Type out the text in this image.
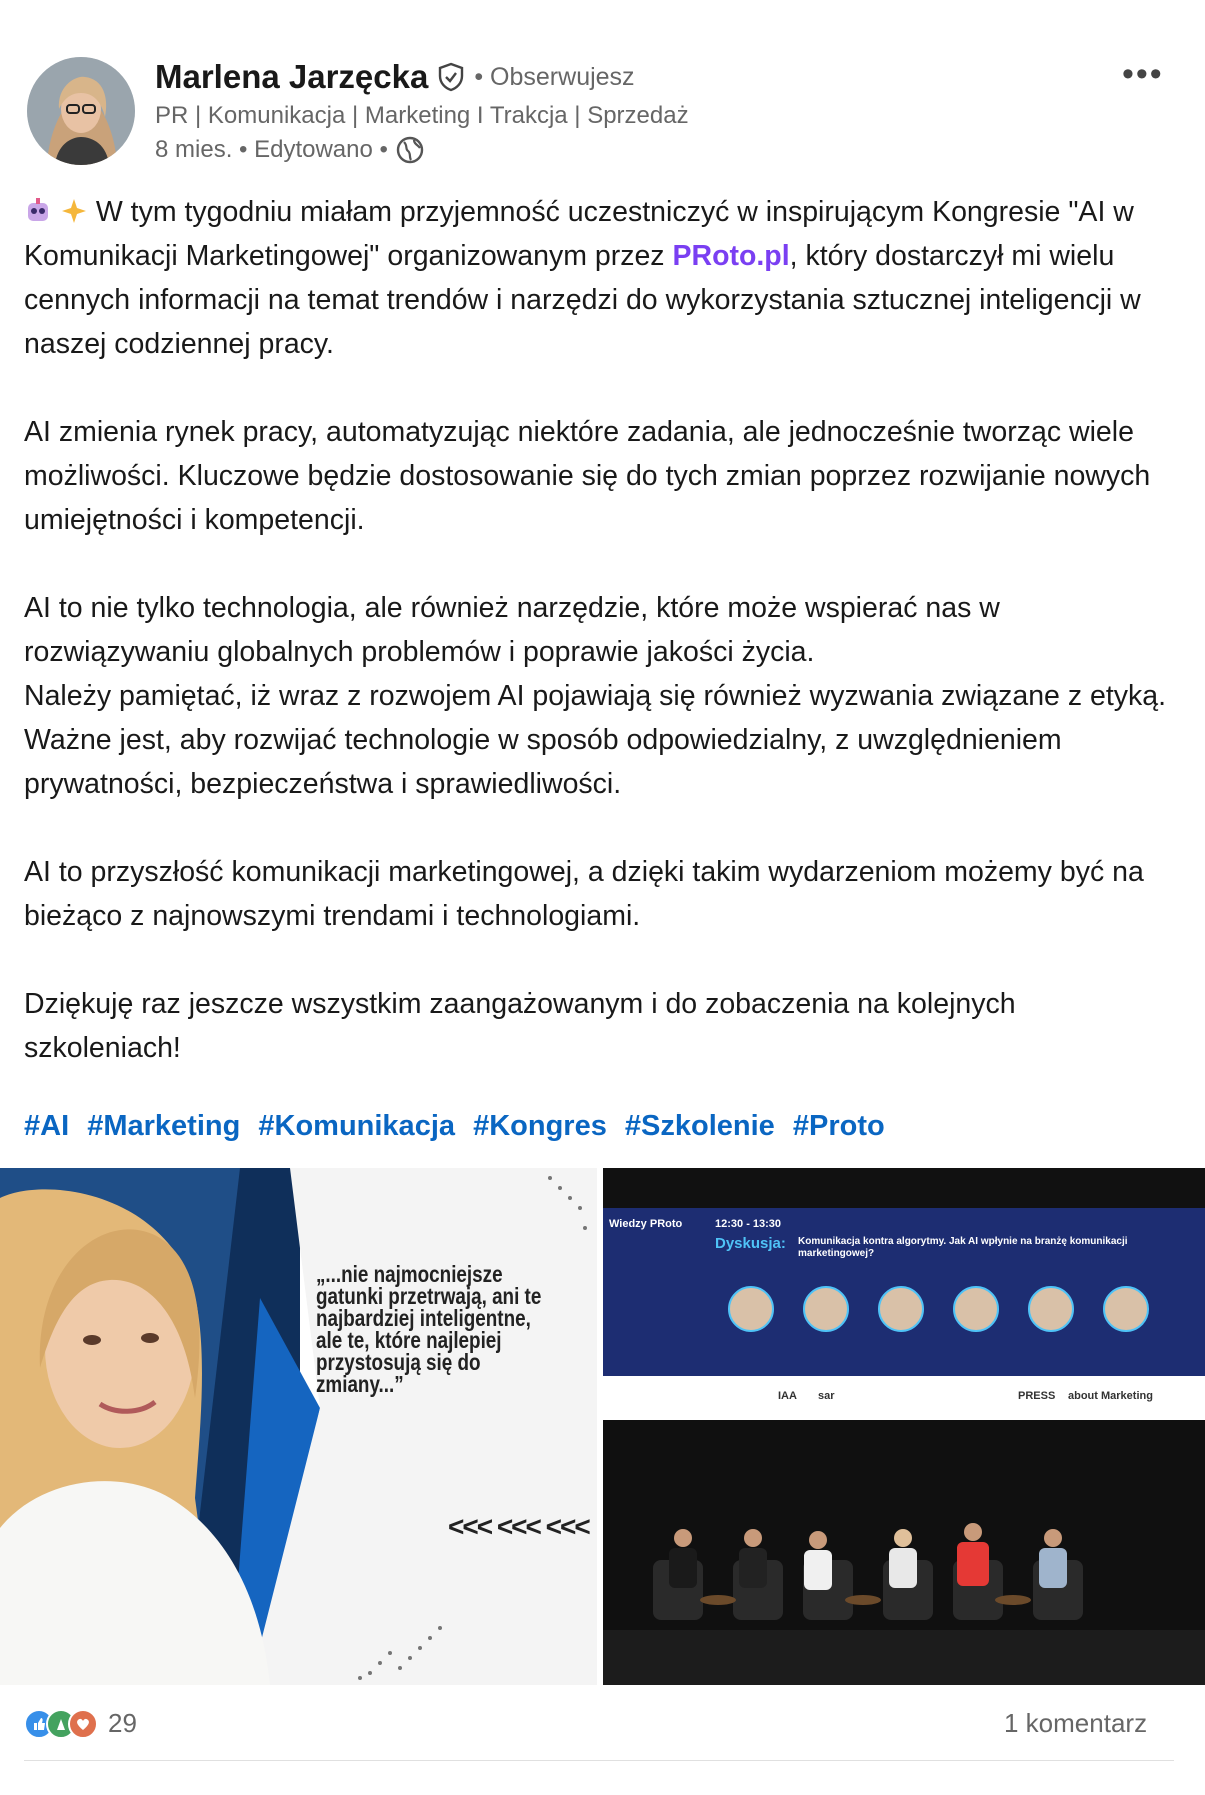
Marlena Jarzęcka • Obserwujesz
PR | Komunikacja | Marketing I Trakcja | Sprzedaż
8 mies. • Edytowano •
•••

W tym tygodniu miałam przyjemność uczestniczyć w inspirującym Kongresie "AI w Komunikacji Marketingowej" organizowanym przez PRoto.pl, który dostarczył mi wielu cennych informacji na temat trendów i narzędzi do wykorzystania sztucznej inteligencji w naszej codziennej pracy.

AI zmienia rynek pracy, automatyzując niektóre zadania, ale jednocześnie tworząc wiele możliwości. Kluczowe będzie dostosowanie się do tych zmian poprzez rozwijanie nowych umiejętności i kompetencji.

AI to nie tylko technologia, ale również narzędzie, które może wspierać nas w rozwiązywaniu globalnych problemów i poprawie jakości życia.
Należy pamiętać, iż wraz z rozwojem AI pojawiają się również wyzwania związane z etyką. Ważne jest, aby rozwijać technologie w sposób odpowiedzialny, z uwzględnieniem prywatności, bezpieczeństwa i sprawiedliwości.

AI to przyszłość komunikacji marketingowej, a dzięki takim wydarzeniom możemy być na bieżąco z najnowszymi trendami i technologiami.

Dziękuję raz jeszcze wszystkim zaangażowanym i do zobaczenia na kolejnych szkoleniach!

#AI #Marketing #Komunikacja #Kongres #Szkolenie #Proto
„...nie najmocniejsze gatunki przetrwają, ani te najbardziej inteligentne, ale te, które najlepiej przystosują się do zmiany...”
<<< <<< <<<
Wiedzy PRoto	12:30 - 13:30
Dyskusja: Komunikacja kontra algorytmy. Jak AI wpłynie na branżę komunikacji marketingowej?
IAA sar	PRESS about Marketing
29	1 komentarz
